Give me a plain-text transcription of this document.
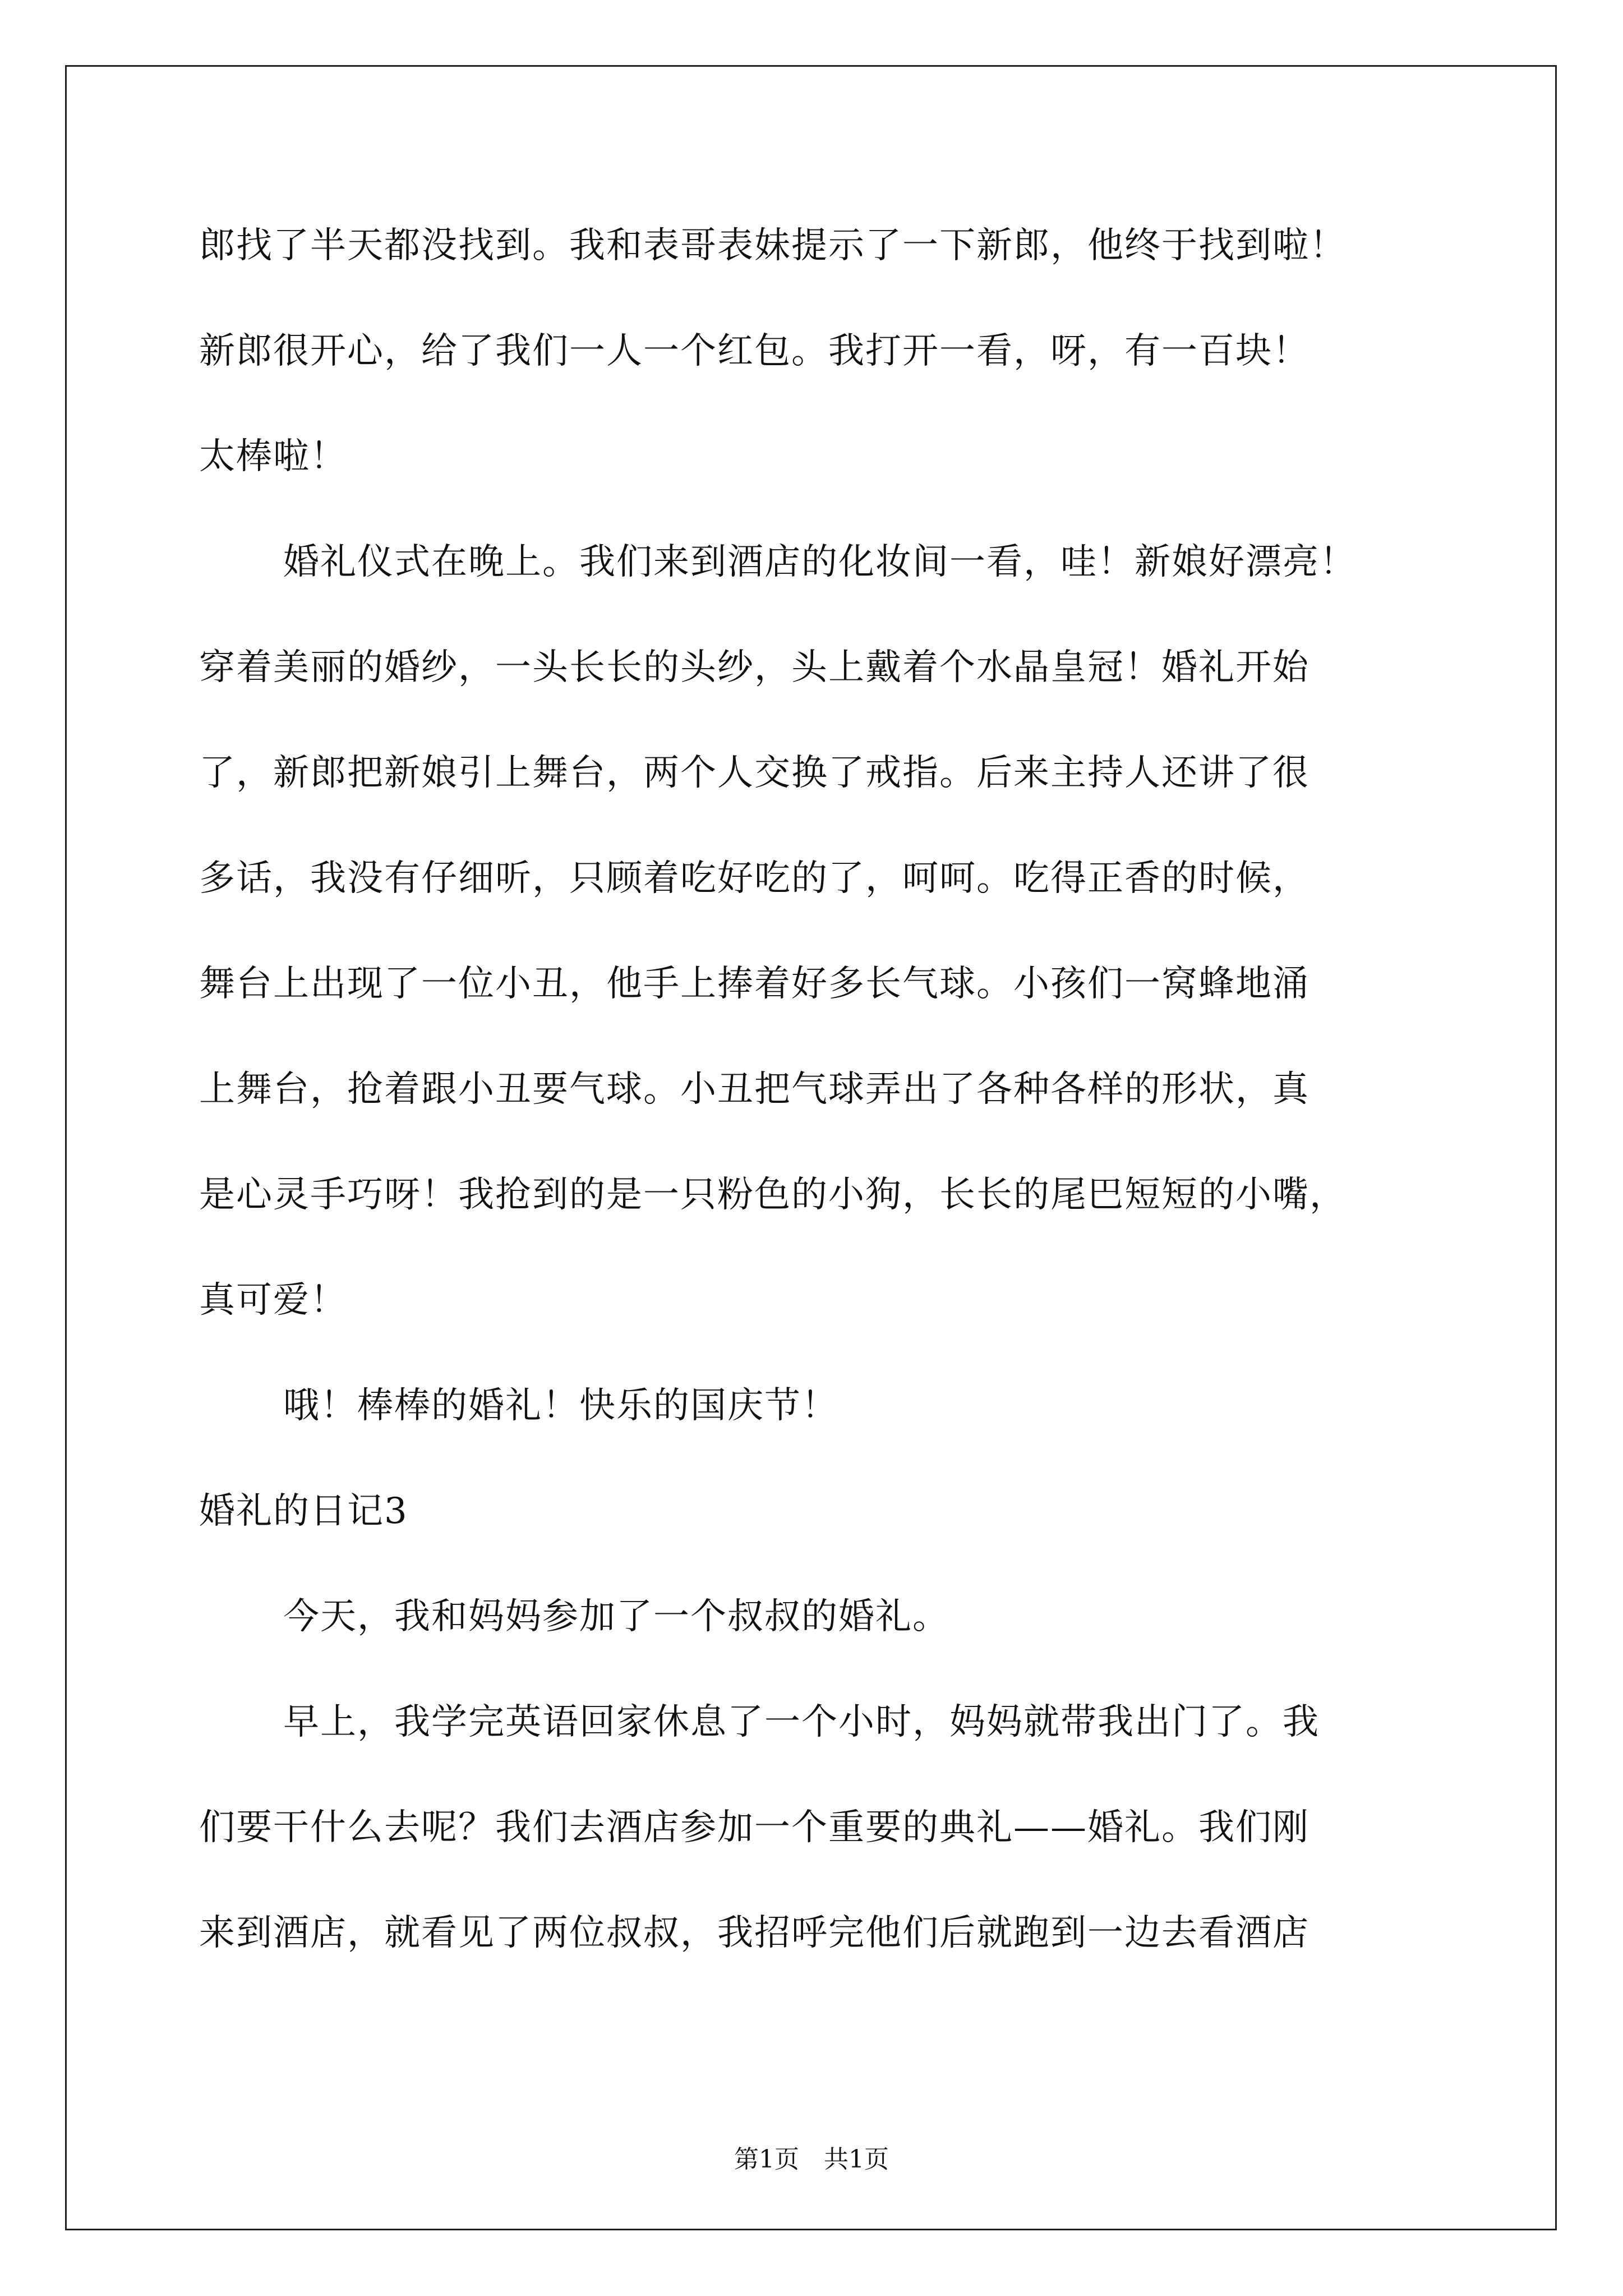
郎找了半天都没找到。我和表哥表妹提示了一下新郎，他终于找到啦！
新郎很开心，给了我们一人一个红包。我打开一看，呀，有一百块！
太棒啦！
婚礼仪式在晚上。我们来到酒店的化妆间一看，哇！新娘好漂亮！
穿着美丽的婚纱，一头长长的头纱，头上戴着个水晶皇冠！婚礼开始
了，新郎把新娘引上舞台，两个人交换了戒指。后来主持人还讲了很
多话，我没有仔细听，只顾着吃好吃的了，呵呵。吃得正香的时候，
舞台上出现了一位小丑，他手上捧着好多长气球。小孩们一窝蜂地涌
上舞台，抢着跟小丑要气球。小丑把气球弄出了各种各样的形状，真
是心灵手巧呀！我抢到的是一只粉色的小狗，长长的尾巴短短的小嘴，
真可爱！
哦！棒棒的婚礼！快乐的国庆节！
婚礼的日记3
今天，我和妈妈参加了一个叔叔的婚礼。
早上，我学完英语回家休息了一个小时，妈妈就带我出门了。我
们要干什么去呢？我们去酒店参加一个重要的典礼——婚礼。我们刚
来到酒店，就看见了两位叔叔，我招呼完他们后就跑到一边去看酒店
第1页　共1页
